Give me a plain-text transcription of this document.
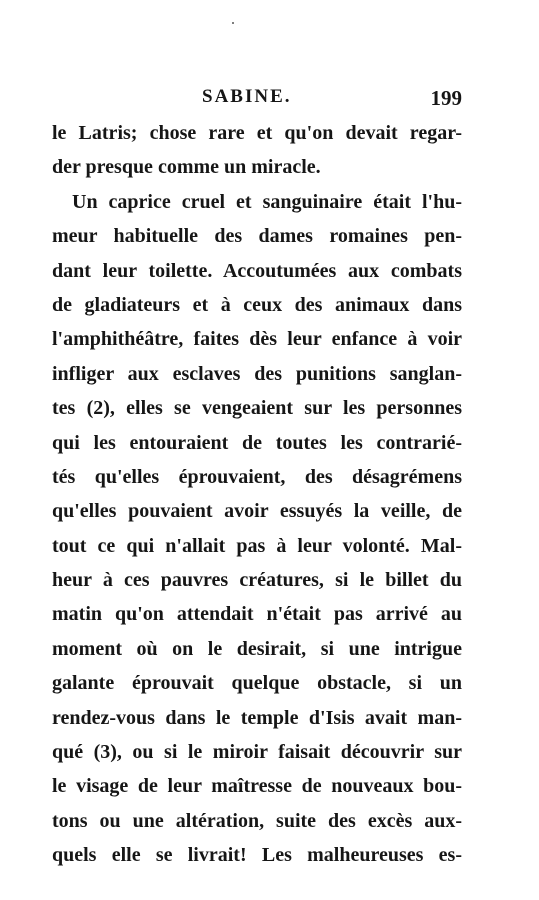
SABINE.	199
le Latris; chose rare et qu'on devait regar-
der presque comme un miracle.
Un caprice cruel et sanguinaire était l'hu-
meur habituelle des dames romaines pen-
dant leur toilette. Accoutumées aux combats
de gladiateurs et à ceux des animaux dans
l'amphithéâtre, faites dès leur enfance à voir
infliger aux esclaves des punitions sanglan-
tes (2), elles se vengeaient sur les personnes
qui les entouraient de toutes les contrarié-
tés qu'elles éprouvaient, des désagrémens
qu'elles pouvaient avoir essuyés la veille, de
tout ce qui n'allait pas à leur volonté. Mal-
heur à ces pauvres créatures, si le billet du
matin qu'on attendait n'était pas arrivé au
moment où on le desirait, si une intrigue
galante éprouvait quelque obstacle, si un
rendez-vous dans le temple d'Isis avait man-
qué (3), ou si le miroir faisait découvrir sur
le visage de leur maîtresse de nouveaux bou-
tons ou une altération, suite des excès aux-
quels elle se livrait! Les malheureuses es-
